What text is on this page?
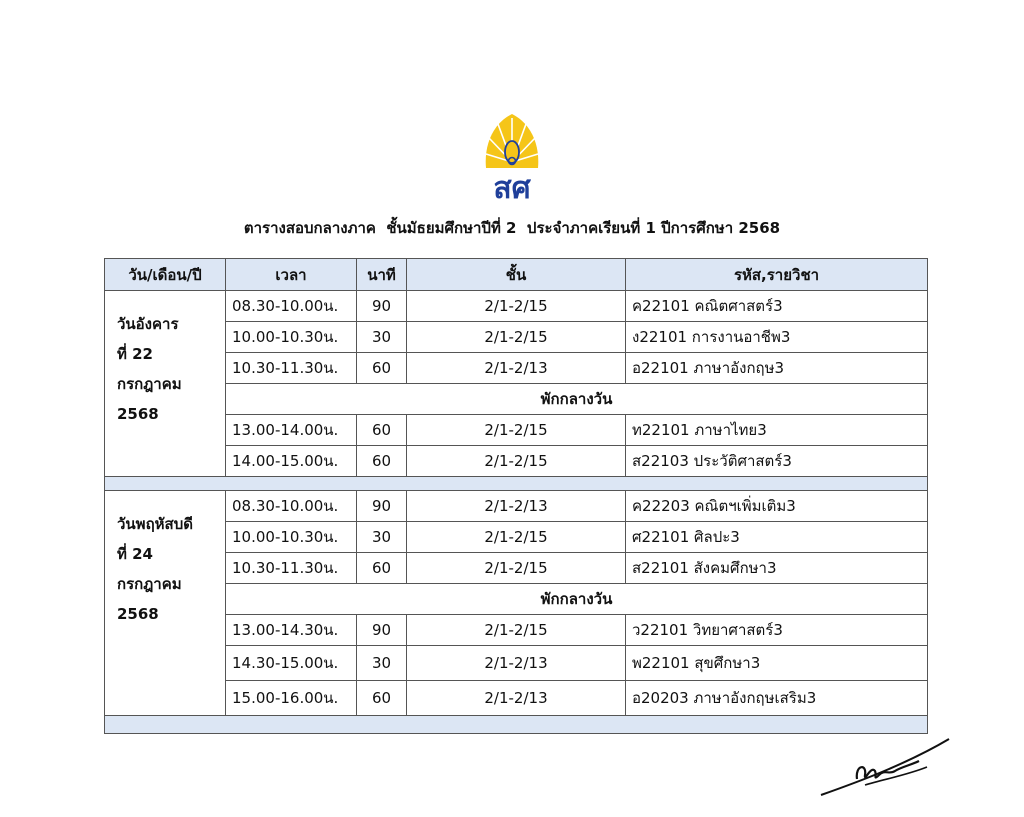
สศ
ตารางสอบกลางภาค  ชั้นมัธยมศึกษาปีที่ 2  ประจำภาคเรียนที่ 1 ปีการศึกษา 2568
วัน/เดือน/ปี	เวลา	นาที	ชั้น	รหัส,รายวิชา

วันอังคาร
ที่ 22
กรกฎาคม
2568	08.30-10.00น.	90	2/1-2/15	ค22101 คณิตศาสตร์3
	10.00-10.30น.	30	2/1-2/15	ง22101 การงานอาชีพ3
	10.30-11.30น.	60	2/1-2/13	อ22101 ภาษาอังกฤษ3
	พักกลางวัน			
	13.00-14.00น.	60	2/1-2/15	ท22101 ภาษาไทย3
	14.00-15.00น.	60	2/1-2/15	ส22103 ประวัติศาสตร์3

วันพฤหัสบดี
ที่ 24
กรกฎาคม
2568	08.30-10.00น.	90	2/1-2/13	ค22203 คณิตฯเพิ่มเติม3
	10.00-10.30น.	30	2/1-2/15	ศ22101 ศิลปะ3
	10.30-11.30น.	60	2/1-2/15	ส22101 สังคมศึกษา3
	พักกลางวัน			
	13.00-14.30น.	90	2/1-2/15	ว22101 วิทยาศาสตร์3
	14.30-15.00น.	30	2/1-2/13	พ22101 สุขศึกษา3
	15.00-16.00น.	60	2/1-2/13	อ20203 ภาษาอังกฤษเสริม3
